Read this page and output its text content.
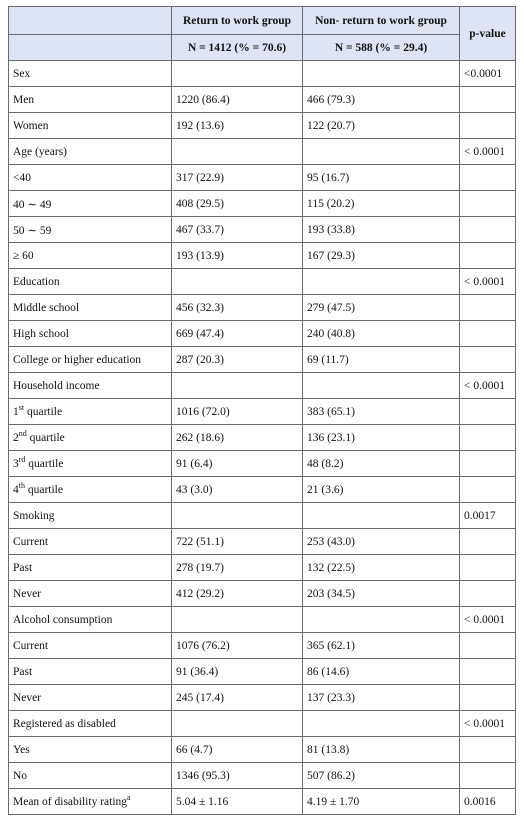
	Return to work group	Non- return to work group	p-value
	N = 1412 (% = 70.6)	N = 588 (% = 29.4)	
Sex			<0.0001
Men	1220 (86.4)	466 (79.3)	
Women	192 (13.6)	122 (20.7)	
Age (years)			< 0.0001
<40	317 (22.9)	95 (16.7)	
40 ∼ 49	408 (29.5)	115 (20.2)	
50 ∼ 59	467 (33.7)	193 (33.8)	
≥ 60	193 (13.9)	167 (29.3)	
Education			< 0.0001
Middle school	456 (32.3)	279 (47.5)	
High school	669 (47.4)	240 (40.8)	
College or higher education	287 (20.3)	69 (11.7)	
Household income			< 0.0001
1st quartile	1016 (72.0)	383 (65.1)	
2nd quartile	262 (18.6)	136 (23.1)	
3rd quartile	91 (6.4)	48 (8.2)	
4th quartile	43 (3.0)	21 (3.6)	
Smoking			0.0017
Current	722 (51.1)	253 (43.0)	
Past	278 (19.7)	132 (22.5)	
Never	412 (29.2)	203 (34.5)	
Alcohol consumption			< 0.0001
Current	1076 (76.2)	365 (62.1)	
Past	91 (36.4)	86 (14.6)	
Never	245 (17.4)	137 (23.3)	
Registered as disabled			< 0.0001
Yes	66 (4.7)	81 (13.8)	
No	1346 (95.3)	507 (86.2)	
Mean of disability rating$^a$	5.04 ± 1.16	4.19 ± 1.70	0.0016
